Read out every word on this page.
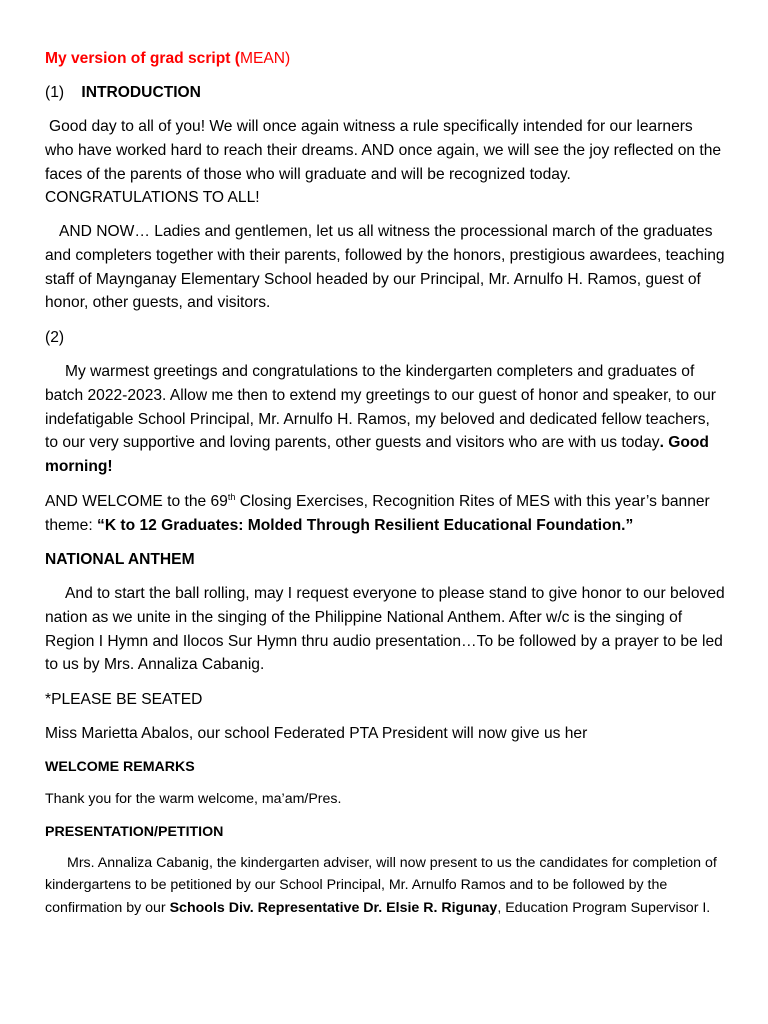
My version of grad script (MEAN)

(1) INTRODUCTION

Good day to all of you! We will once again witness a rule specifically intended for our learners who have worked hard to reach their dreams. AND once again, we will see the joy reflected on the faces of the parents of those who will graduate and will be recognized today. CONGRATULATIONS TO ALL!

AND NOW… Ladies and gentlemen, let us all witness the processional march of the graduates and completers together with their parents, followed by the honors, prestigious awardees, teaching staff of Maynganay Elementary School headed by our Principal, Mr. Arnulfo H. Ramos, guest of honor, other guests, and visitors.

(2)

My warmest greetings and congratulations to the kindergarten completers and graduates of batch 2022-2023. Allow me then to extend my greetings to our guest of honor and speaker, to our indefatigable School Principal, Mr. Arnulfo H. Ramos, my beloved and dedicated fellow teachers, to our very supportive and loving parents, other guests and visitors who are with us today. Good morning!

AND WELCOME to the 69th Closing Exercises, Recognition Rites of MES with this year’s banner theme: “K to 12 Graduates: Molded Through Resilient Educational Foundation.”

NATIONAL ANTHEM

And to start the ball rolling, may I request everyone to please stand to give honor to our beloved nation as we unite in the singing of the Philippine National Anthem. After w/c is the singing of Region I Hymn and Ilocos Sur Hymn thru audio presentation…To be followed by a prayer to be led to us by Mrs. Annaliza Cabanig.

*PLEASE BE SEATED

Miss Marietta Abalos, our school Federated PTA President will now give us her

WELCOME REMARKS

Thank you for the warm welcome, ma’am/Pres.

PRESENTATION/PETITION

Mrs. Annaliza Cabanig, the kindergarten adviser, will now present to us the candidates for completion of kindergartens to be petitioned by our School Principal, Mr. Arnulfo Ramos and to be followed by the confirmation by our Schools Div. Representative Dr. Elsie R. Rigunay, Education Program Supervisor I.
